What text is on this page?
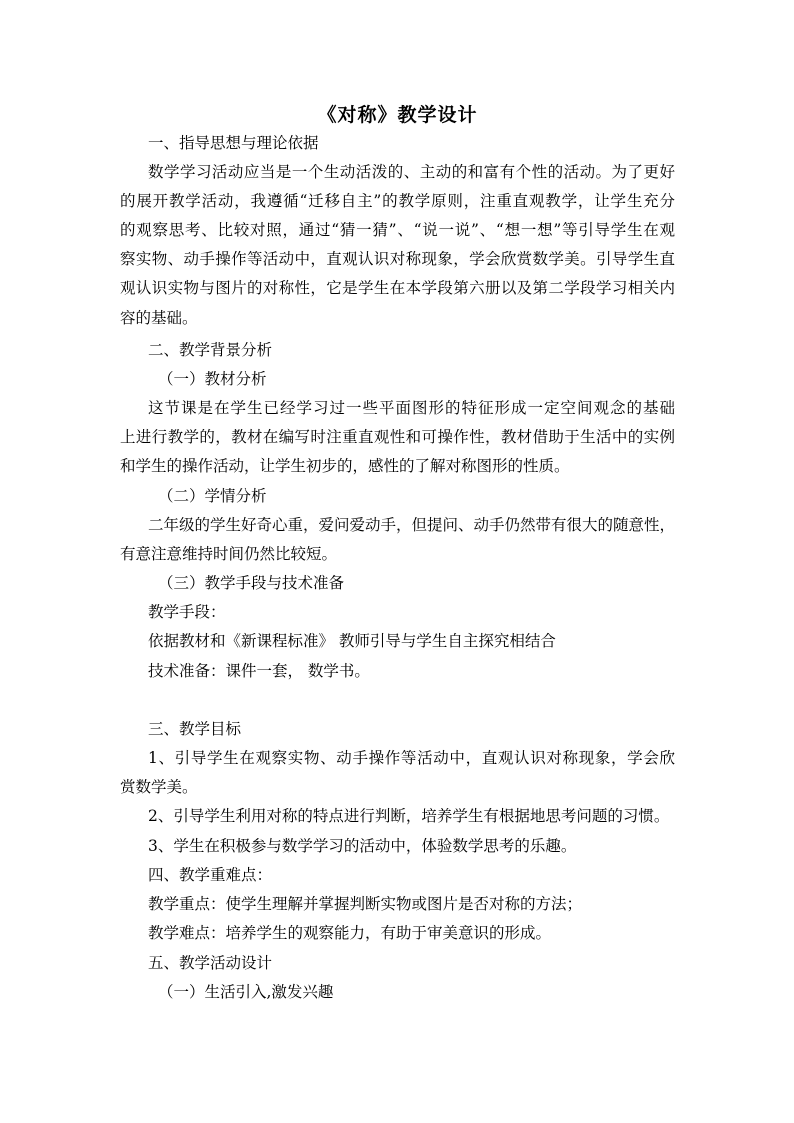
《对称》教学设计
一、指导思想与理论依据
数学学习活动应当是一个生动活泼的、主动的和富有个性的活动。为了更好
的展开教学活动，我遵循“迁移自主”的教学原则，注重直观教学，让学生充分
的观察思考、比较对照，通过“猜一猜”、“说一说”、“想一想”等引导学生在观
察实物、动手操作等活动中，直观认识对称现象，学会欣赏数学美。引导学生直
观认识实物与图片的对称性，它是学生在本学段第六册以及第二学段学习相关内
容的基础。
二、教学背景分析
（一）教材分析
这节课是在学生已经学习过一些平面图形的特征形成一定空间观念的基础
上进行教学的，教材在编写时注重直观性和可操作性，教材借助于生活中的实例
和学生的操作活动，让学生初步的，感性的了解对称图形的性质。
（二）学情分析
二年级的学生好奇心重，爱问爱动手，但提问、动手仍然带有很大的随意性，
有意注意维持时间仍然比较短。
（三）教学手段与技术准备
教学手段：
依据教材和《新课程标准》 教师引导与学生自主探究相结合
技术准备：课件一套， 数学书。
三、教学目标
1、引导学生在观察实物、动手操作等活动中，直观认识对称现象，学会欣
赏数学美。
2、引导学生利用对称的特点进行判断，培养学生有根据地思考问题的习惯。
3、学生在积极参与数学学习的活动中，体验数学思考的乐趣。
四、教学重难点：
教学重点：使学生理解并掌握判断实物或图片是否对称的方法；
教学难点：培养学生的观察能力，有助于审美意识的形成。
五、教学活动设计
（一）生活引入,激发兴趣
